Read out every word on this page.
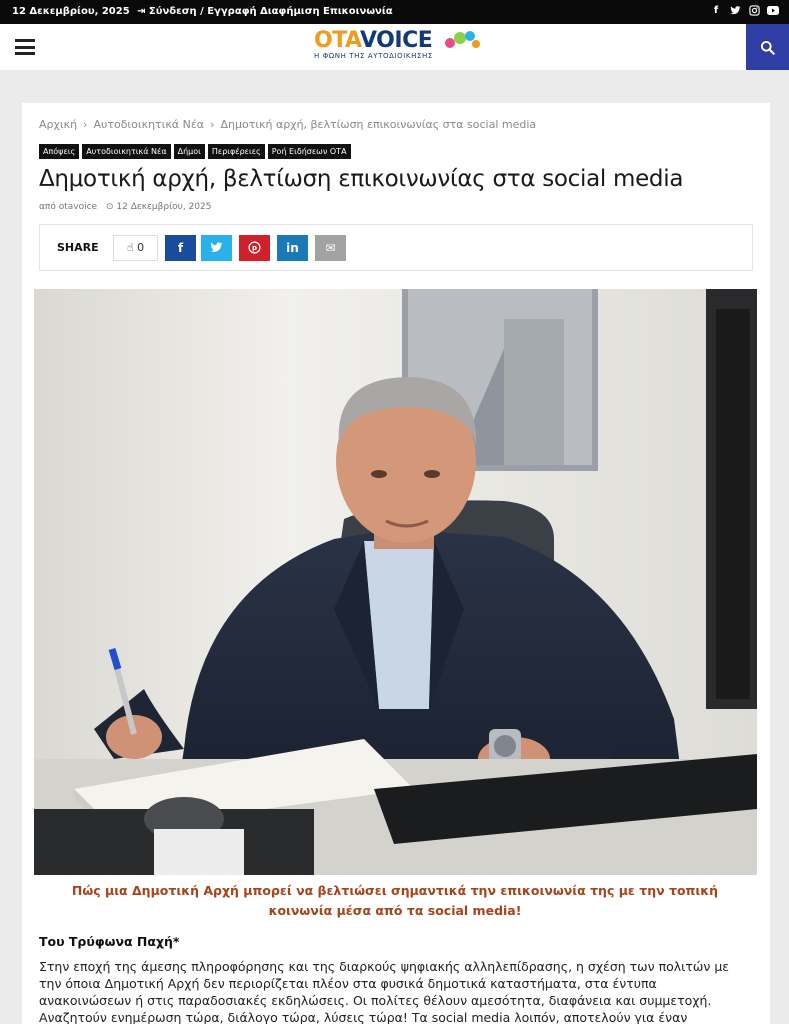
12 Δεκεμβρίου, 2025 ⇥ Σύνδεση / Εγγραφή Διαφήμιση Επικοινωνία	f
OTAVOICE
Η ΦΩΝΗ ΤΗΣ ΑΥΤΟΔΙΟΙΚΗΣΗΣ
Αρχική › Αυτοδιοικητικά Νέα › Δημοτική αρχή, βελτίωση επικοινωνίας στα social media
Απόψεις	Αυτοδιοικητικά Νέα	Δήμοι	Περιφέρειες	Ροή Ειδήσεων ΟΤΑ
Δημοτική αρχή, βελτίωση επικοινωνίας στα social media
από otavoice ⊙ 12 Δεκεμβρίου, 2025
SHARE	☝ 0	f	p	in	✉
Πώς μια Δημοτική Αρχή μπορεί να βελτιώσει σημαντικά την επικοινωνία της με την τοπική
κοινωνία μέσα από τα social media!
Του Τρύφωνα Παχή*
Στην εποχή της άμεσης πληροφόρησης και της διαρκούς ψηφιακής αλληλεπίδρασης, η σχέση των πολιτών με
την όποια Δημοτική Αρχή δεν περιορίζεται πλέον στα φυσικά δημοτικά καταστήματα, στα έντυπα
ανακοινώσεων ή στις παραδοσιακές εκδηλώσεις. Οι πολίτες θέλουν αμεσότητα, διαφάνεια και συμμετοχή.
Αναζητούν ενημέρωση τώρα, διάλογο τώρα, λύσεις τώρα! Τα social media λοιπόν, αποτελούν για έναν
